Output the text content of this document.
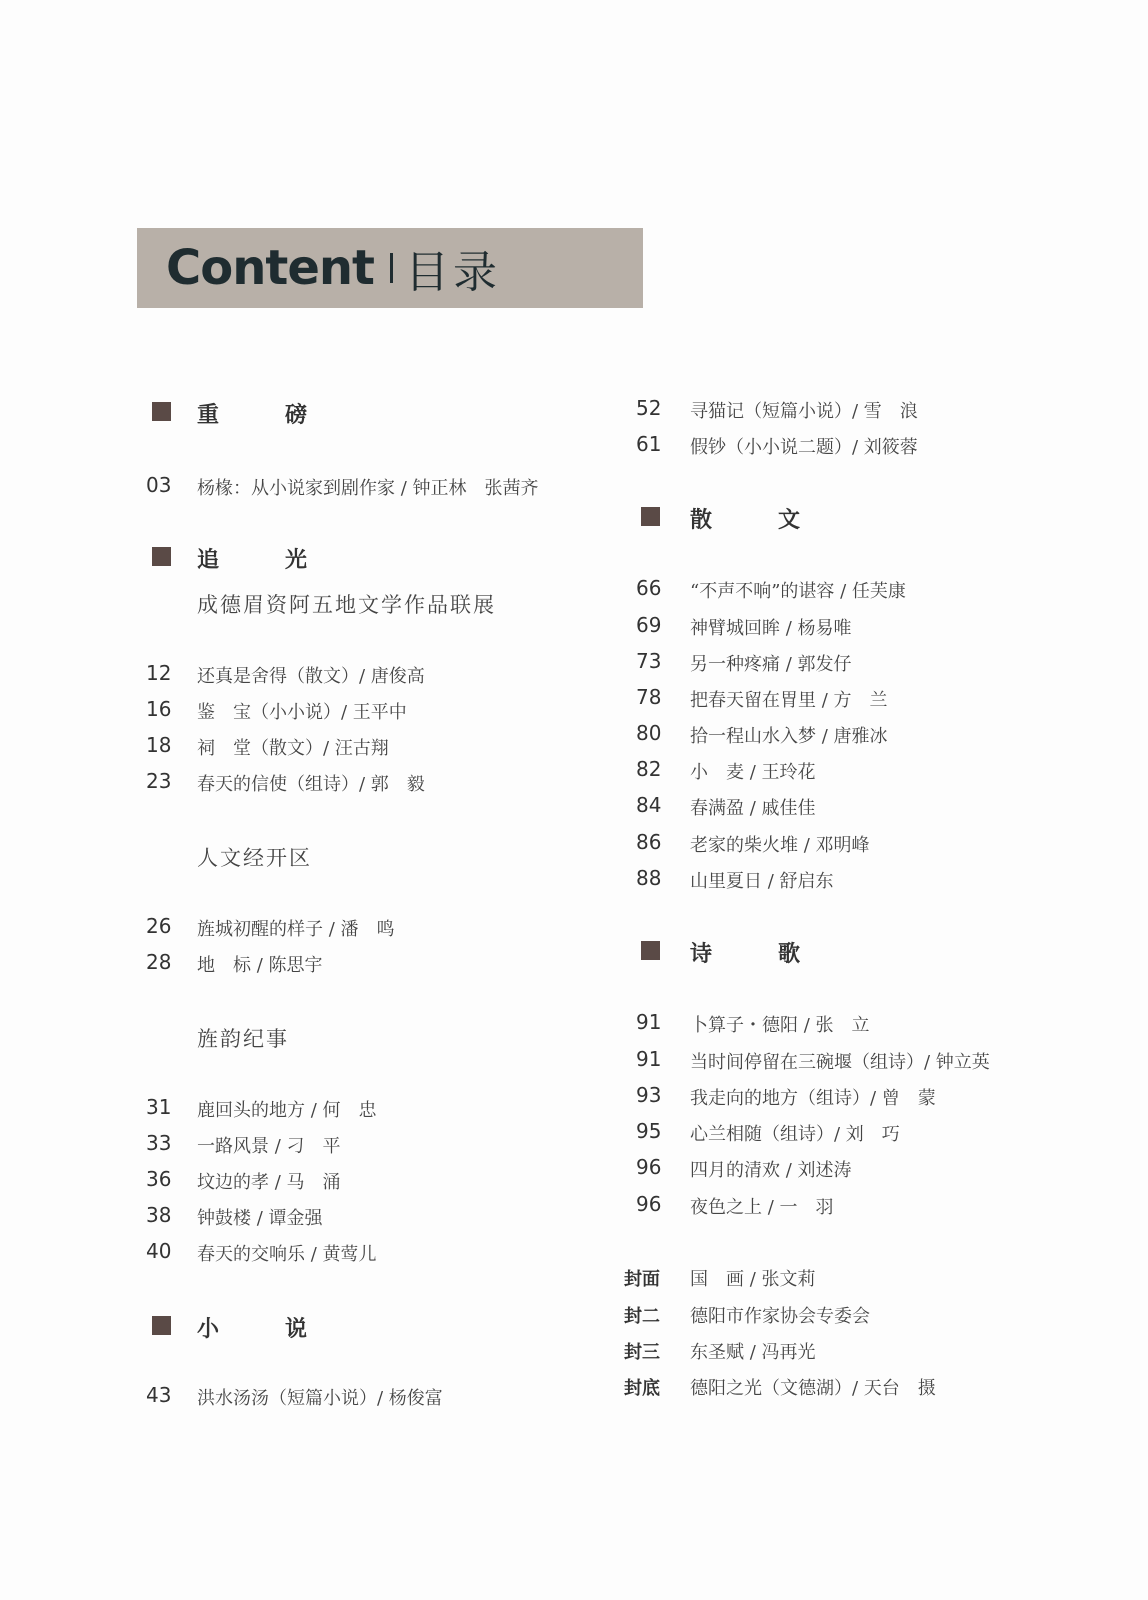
Content 目录
重　磅
03 杨椽：从小说家到剧作家 / 钟正林　张茜齐
追　光
成德眉资阿五地文学作品联展
12 还真是舍得（散文）/ 唐俊高
16 鉴　宝（小小说）/ 王平中
18 祠　堂（散文）/ 汪古翔
23 春天的信使（组诗）/ 郭　毅
人文经开区
26 旌城初醒的样子 / 潘　鸣
28 地　标 / 陈思宇
旌韵纪事
31 鹿回头的地方 / 何　忠
33 一路风景 / 刁　平
36 坟边的孝 / 马　涌
38 钟鼓楼 / 谭金强
40 春天的交响乐 / 黄莺儿
小　说
43 洪水汤汤（短篇小说）/ 杨俊富
52 寻猫记（短篇小说）/ 雪　浪
61 假钞（小小说二题）/ 刘筱蓉
散　文
66 “不声不响”的谌容 / 任芙康
69 神臂城回眸 / 杨易唯
73 另一种疼痛 / 郭发仔
78 把春天留在胃里 / 方　兰
80 拾一程山水入梦 / 唐雅冰
82 小　麦 / 王玲花
84 春满盈 / 戚佳佳
86 老家的柴火堆 / 邓明峰
88 山里夏日 / 舒启东
诗　歌
91 卜算子・德阳 / 张　立
91 当时间停留在三碗堰（组诗）/ 钟立英
93 我走向的地方（组诗）/ 曾　蒙
95 心兰相随（组诗）/ 刘　巧
96 四月的清欢 / 刘述涛
96 夜色之上 / 一　羽
封面 国　画 / 张文莉
封二 德阳市作家协会专委会
封三 东圣赋 / 冯再光
封底 德阳之光（文德湖）/ 天台　摄
